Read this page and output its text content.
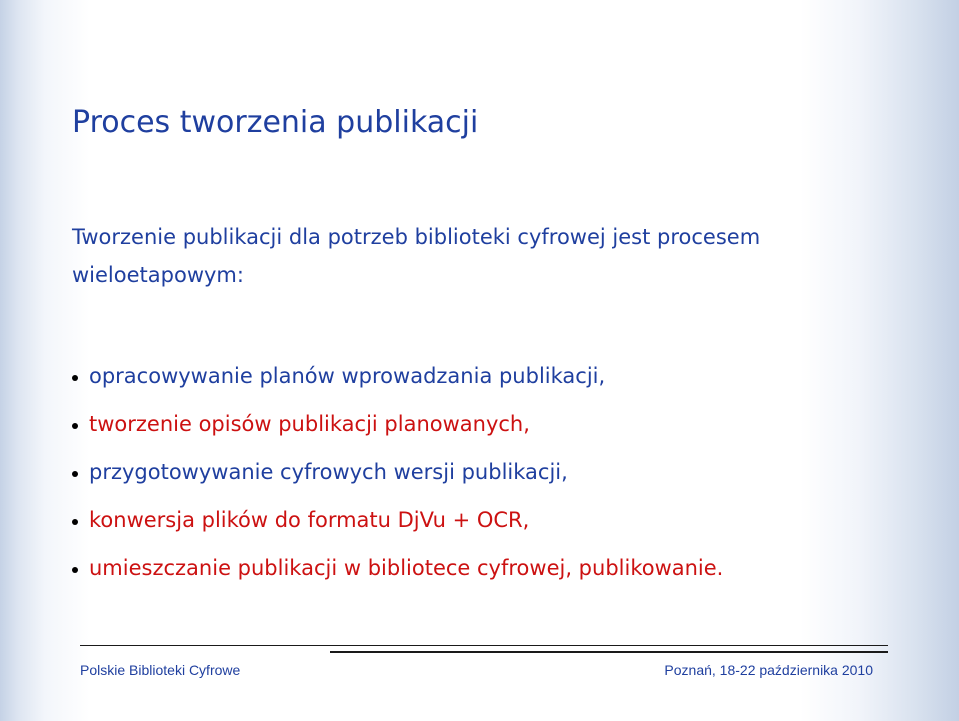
Proces tworzenia publikacji
Tworzenie publikacji dla potrzeb biblioteki cyfrowej jest procesem wieloetapowym:
opracowywanie planów wprowadzania publikacji,
tworzenie opisów publikacji planowanych,
przygotowywanie cyfrowych wersji publikacji,
konwersja plików do formatu DjVu + OCR,
umieszczanie publikacji w bibliotece cyfrowej, publikowanie.
Polskie Biblioteki Cyfrowe	Poznań, 18-22 października 2010
